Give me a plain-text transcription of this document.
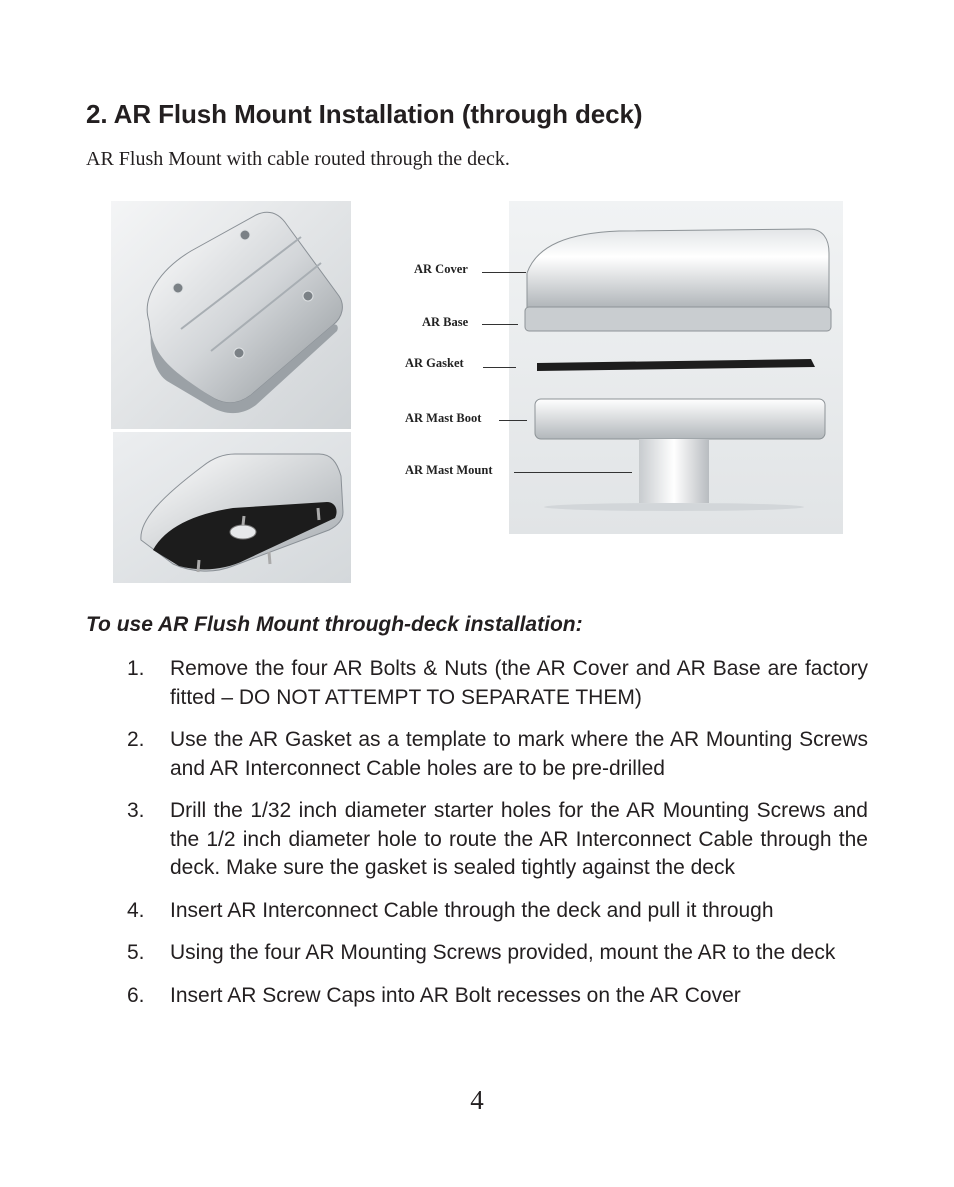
2. AR Flush Mount Installation (through deck)

AR Flush Mount with cable routed through the deck.

AR Cover
AR Base
AR Gasket
AR Mast Boot
AR Mast Mount
To use AR Flush Mount through-deck installation:
1. Remove the four AR Bolts & Nuts (the AR Cover and AR Base are factory fitted – DO NOT ATTEMPT TO SEPARATE THEM)
2. Use the AR Gasket as a template to mark where the AR Mounting Screws and AR Interconnect Cable holes are to be pre-drilled
3. Drill the 1/32 inch diameter starter holes for the AR Mounting Screws and the 1/2 inch diameter hole to route the AR Interconnect Cable through the deck. Make sure the gasket is sealed tightly against the deck
4. Insert AR Interconnect Cable through the deck and pull it through
5. Using the four AR Mounting Screws provided, mount the AR to the deck
6. Insert AR Screw Caps into AR Bolt recesses on the AR Cover
4
